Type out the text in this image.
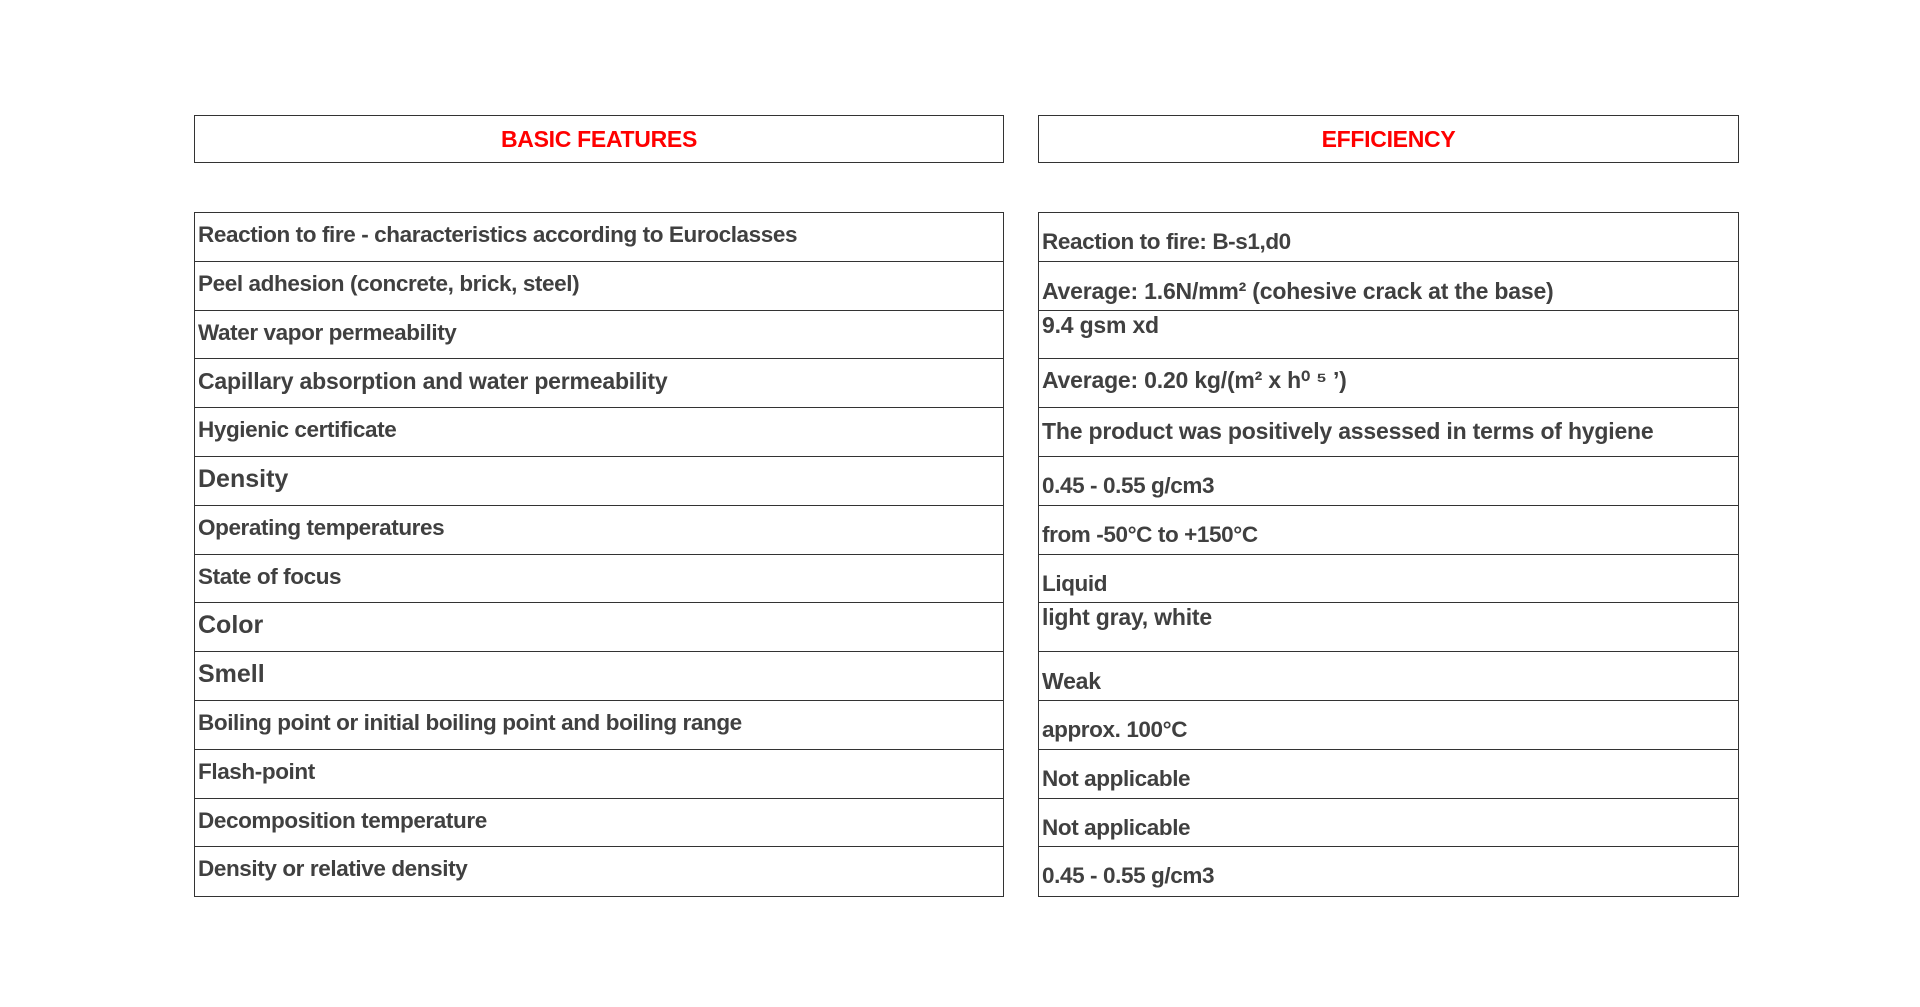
BASIC FEATURES	EFFICIENCY
Reaction to fire - characteristics according to Euroclasses
Peel adhesion (concrete, brick, steel)
Water vapor permeability
Capillary absorption and water permeability
Hygienic certificate
Density
Operating temperatures
State of focus
Color
Smell
Boiling point or initial boiling point and boiling range
Flash-point
Decomposition temperature
Density or relative density
Reaction to fire: B-s1,d0
Average: 1.6N/mm² (cohesive crack at the base)
9.4 gsm xd
Average: 0.20 kg/(m² x h⁰ ⁵ ʼ)
The product was positively assessed in terms of hygiene
0.45 - 0.55 g/cm3
from -50°C to +150°C
Liquid
light gray, white
Weak
approx. 100°C
Not applicable
Not applicable
0.45 - 0.55 g/cm3
